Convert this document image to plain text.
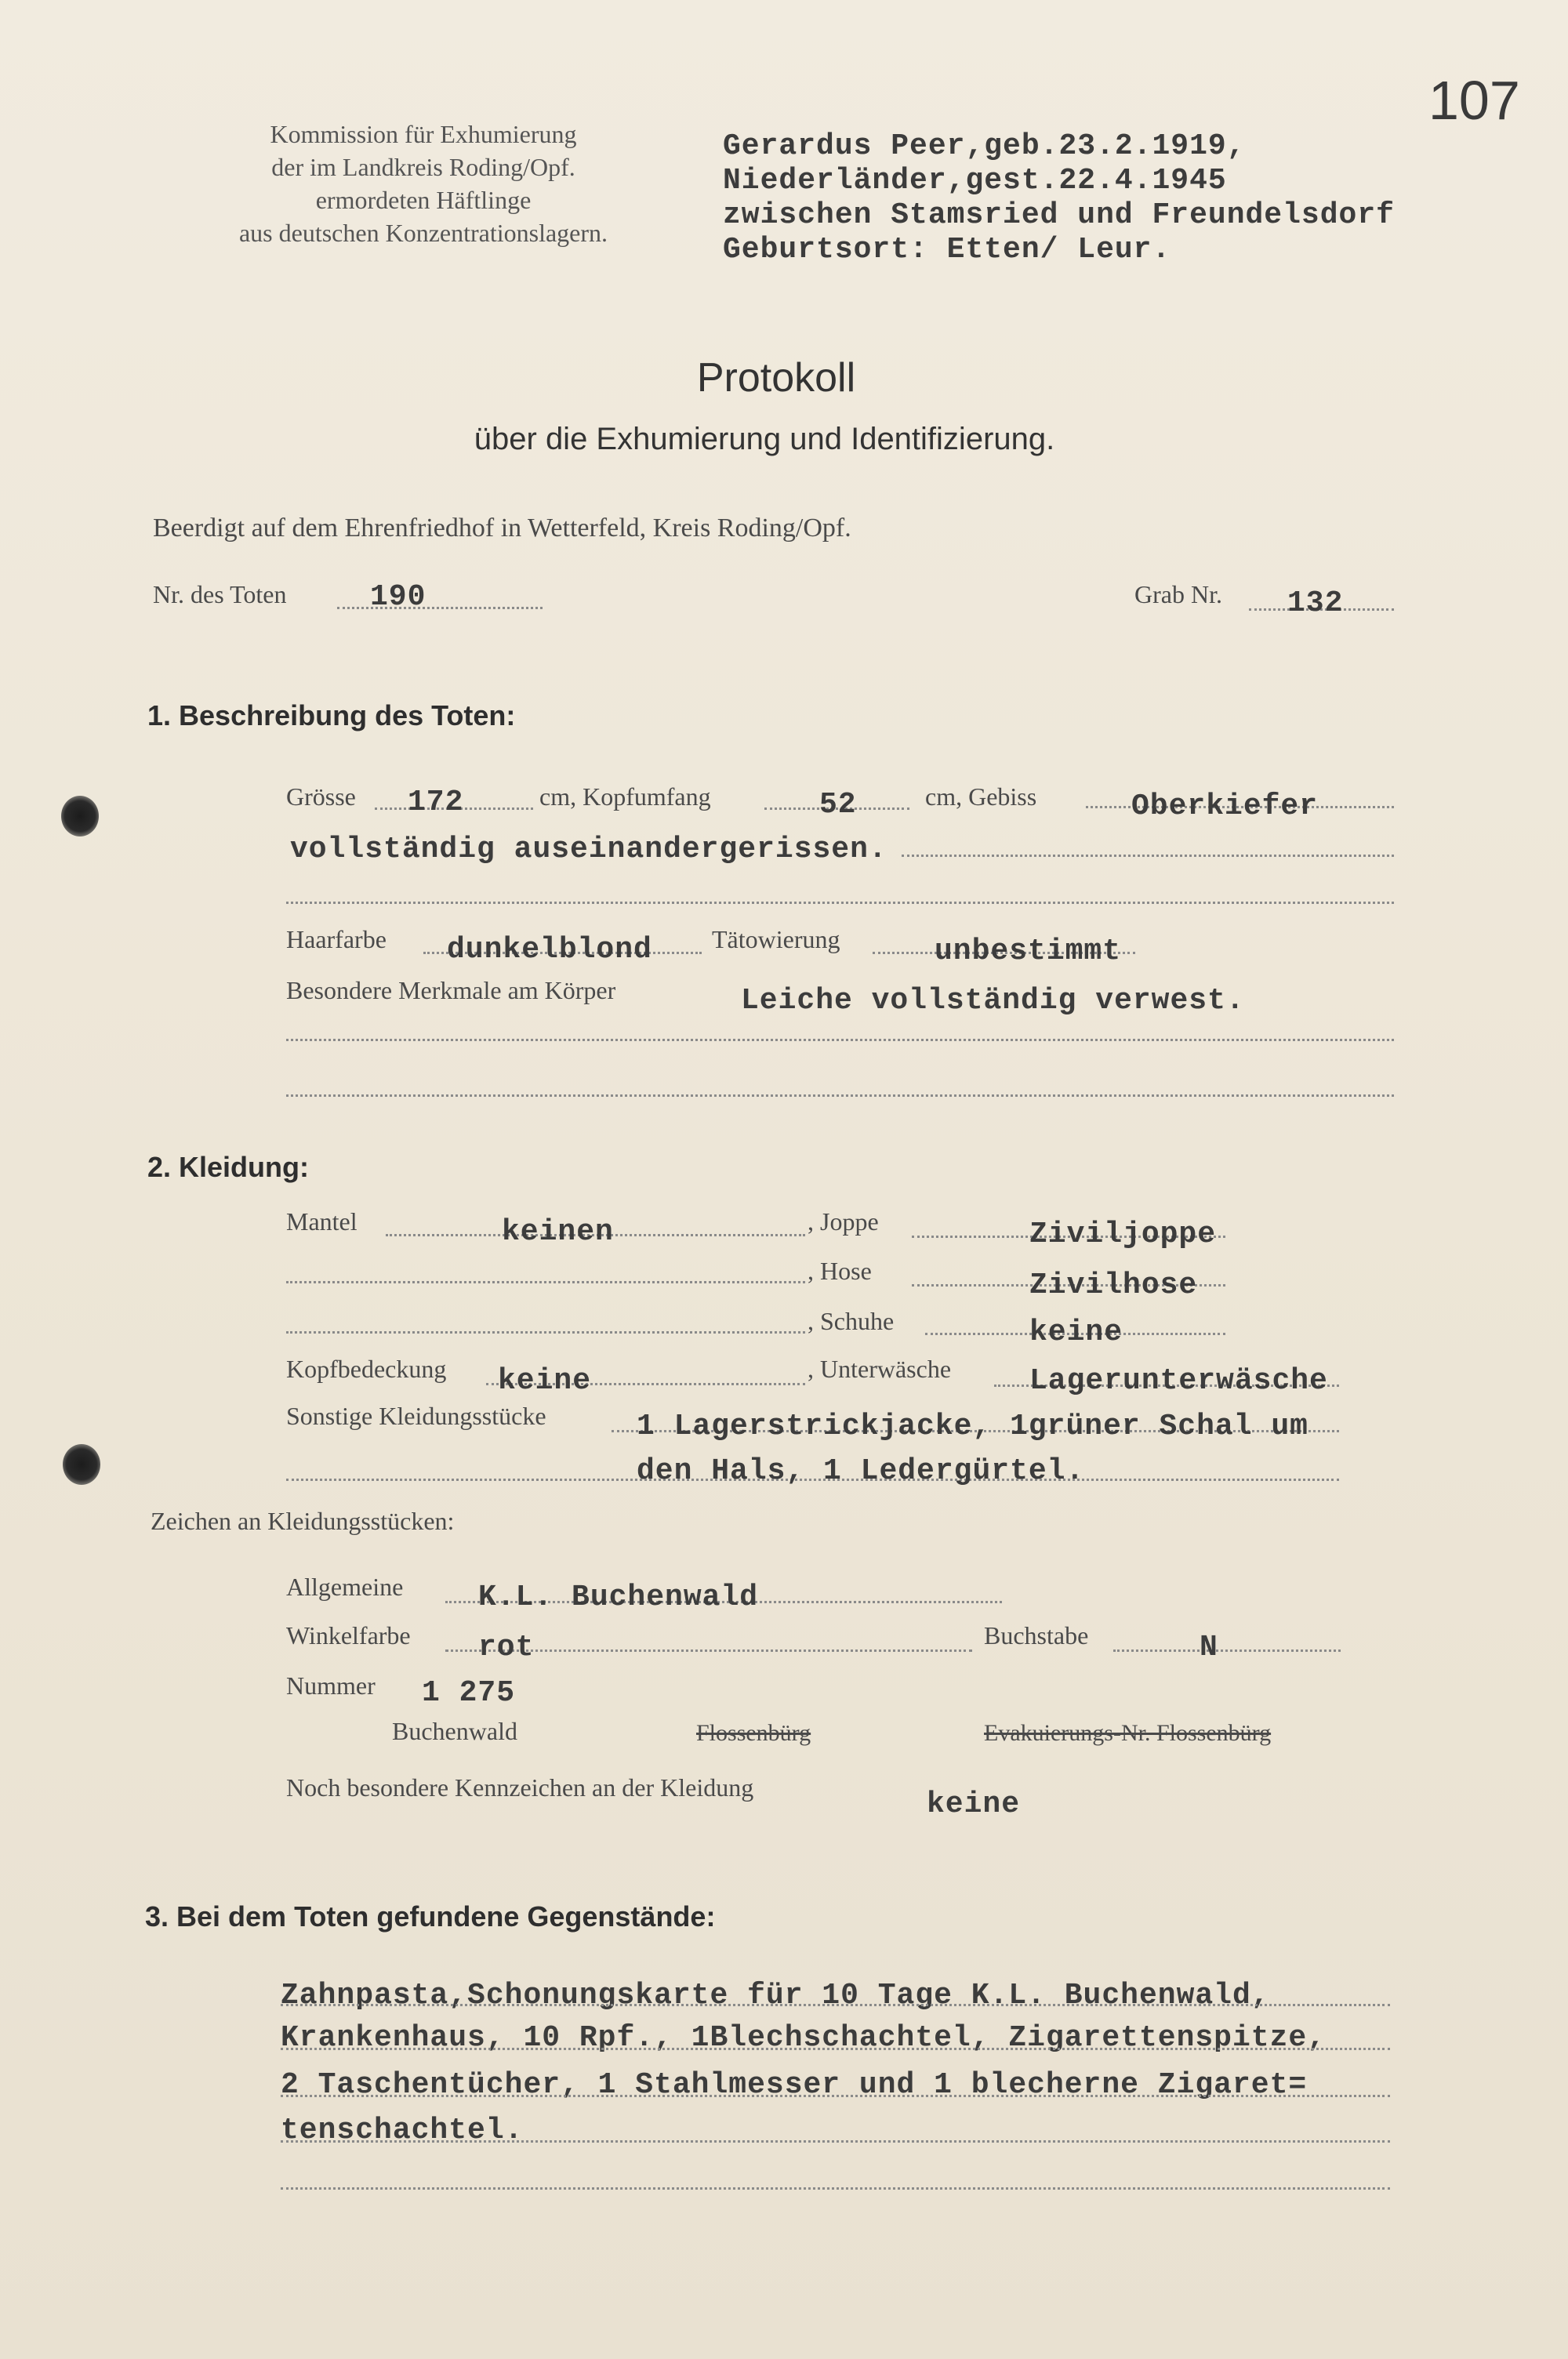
107
Kommission für Exhumierung
der im Landkreis Roding/Opf.
ermordeten Häftlinge
aus deutschen Konzentrationslagern.
Gerardus Peer,geb.23.2.1919,
Niederländer,gest.22.4.1945
zwischen Stamsried und Freundelsdorf
Geburtsort: Etten/ Leur.
Protokoll
über die Exhumierung und Identifizierung.
Beerdigt auf dem Ehrenfriedhof in Wetterfeld, Kreis Roding/Opf.
Nr. des Toten	190	Grab Nr. 132
1. Beschreibung des Toten:
Grösse 172	cm, Kopfumfang	52	cm, Gebiss	Oberkiefer
vollständig auseinandergerissen.
Haarfarbe dunkelblond Tätowierung	unbestimmt
Besondere Merkmale am Körper	Leiche vollständig verwest.
2. Kleidung:
Mantel	keinen	, Joppe	Ziviljoppe
, Hose	Zivilhose
, Schuhe	keine
Kopfbedeckung keine	, Unterwäsche	Lagerunterwäsche
Sonstige Kleidungsstücke	1 Lagerstrickjacke, 1grüner Schal um
den Hals, 1 Ledergürtel.
Zeichen an Kleidungsstücken:
Allgemeine	K.L. Buchenwald
Winkelfarbe rot	Buchstabe	N
Nummer 1 275
Buchenwald	Flossenbürg	Evakuierungs-Nr. Flossenbürg
Noch besondere Kennzeichen an der Kleidung	keine
3. Bei dem Toten gefundene Gegenstände:
Zahnpasta,Schonungskarte für 10 Tage K.L. Buchenwald,
Krankenhaus, 10 Rpf., 1Blechschachtel, Zigarettenspitze,
2 Taschentücher, 1 Stahlmesser und 1 blecherne Zigaret=
tenschachtel.
